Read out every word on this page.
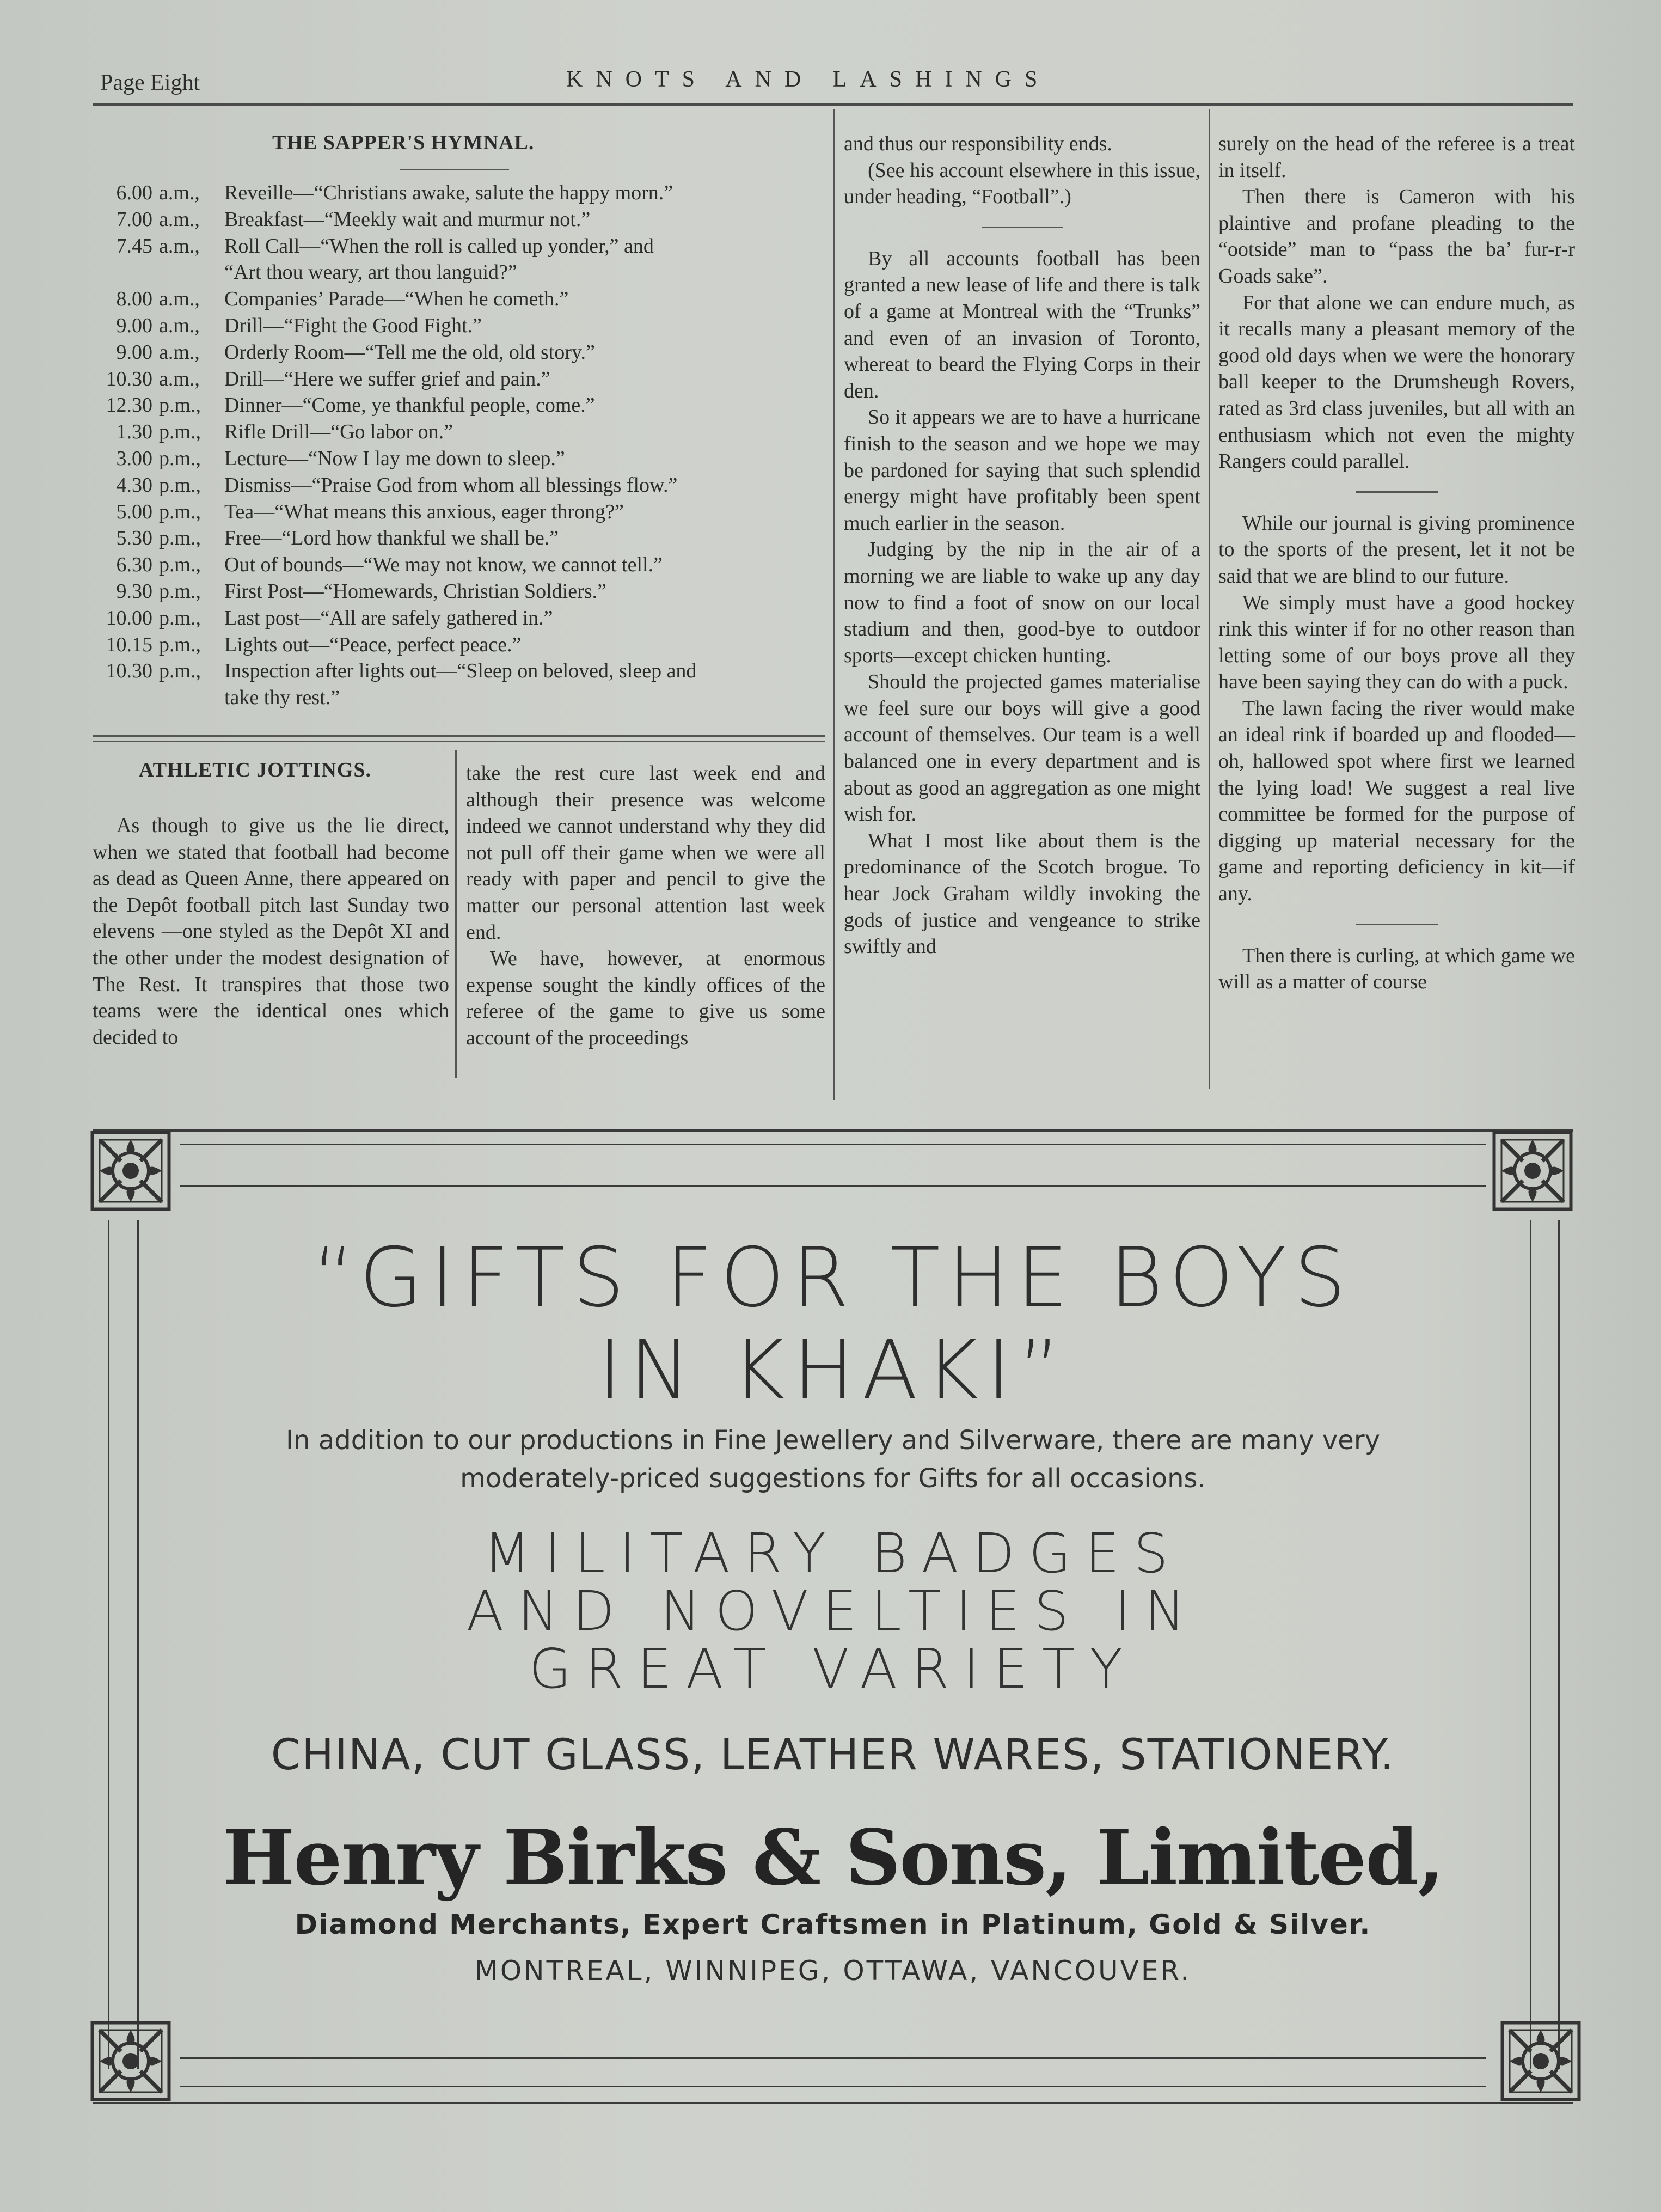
Page Eight	KNOTS AND LASHINGS
THE SAPPER'S HYMNAL.
6.00 a.m.,	Reveille—“Christians awake, salute the happy morn.”
7.00 a.m.,	Breakfast—“Meekly wait and murmur not.”
7.45 a.m.,	Roll Call—“When the roll is called up yonder,” and
“Art thou weary, art thou languid?”
8.00 a.m.,	Companies’ Parade—“When he cometh.”
9.00 a.m.,	Drill—“Fight the Good Fight.”
9.00 a.m.,	Orderly Room—“Tell me the old, old story.”
10.30 a.m.,	Drill—“Here we suffer grief and pain.”
12.30 p.m.,	Dinner—“Come, ye thankful people, come.”
1.30 p.m.,	Rifle Drill—“Go labor on.”
3.00 p.m.,	Lecture—“Now I lay me down to sleep.”
4.30 p.m.,	Dismiss—“Praise God from whom all blessings flow.”
5.00 p.m.,	Tea—“What means this anxious, eager throng?”
5.30 p.m.,	Free—“Lord how thankful we shall be.”
6.30 p.m.,	Out of bounds—“We may not know, we cannot tell.”
9.30 p.m.,	First Post—“Homewards, Christian Soldiers.”
10.00 p.m.,	Last post—“All are safely gathered in.”
10.15 p.m.,	Lights out—“Peace, perfect peace.”
10.30 p.m.,	Inspection after lights out—“Sleep on beloved, sleep and
take thy rest.”
ATHLETIC JOTTINGS.

As though to give us the lie direct, when we stated that football had become as dead as Queen Anne, there appeared on the Depôt football pitch last Sunday two elevens —one styled as the Depôt XI and the other under the modest designation of The Rest. It transpires that those two teams were the identical ones which decided to

take the rest cure last week end and although their presence was welcome indeed we cannot understand why they did not pull off their game when we were all ready with paper and pencil to give the matter our personal attention last week end.

We have, however, at enormous expense sought the kindly offices of the referee of the game to give us some account of the proceedings

and thus our responsibility ends.

(See his account elsewhere in this issue, under heading, “Football”.)

By all accounts football has been granted a new lease of life and there is talk of a game at Montreal with the “Trunks” and even of an invasion of Toronto, whereat to beard the Flying Corps in their den.

So it appears we are to have a hurricane finish to the season and we hope we may be pardoned for saying that such splendid energy might have profitably been spent much earlier in the season.

Judging by the nip in the air of a morning we are liable to wake up any day now to find a foot of snow on our local stadium and then, good-bye to outdoor sports—except chicken hunting.

Should the projected games materialise we feel sure our boys will give a good account of themselves. Our team is a well balanced one in every department and is about as good an aggregation as one might wish for.

What I most like about them is the predominance of the Scotch brogue. To hear Jock Graham wildly invoking the gods of justice and vengeance to strike swiftly and

surely on the head of the referee is a treat in itself.

Then there is Cameron with his plaintive and profane pleading to the “ootside” man to “pass the ba’ fur-r-r Goads sake”.

For that alone we can endure much, as it recalls many a pleasant memory of the good old days when we were the honorary ball keeper to the Drumsheugh Rovers, rated as 3rd class juveniles, but all with an enthusiasm which not even the mighty Rangers could parallel.

While our journal is giving prominence to the sports of the present, let it not be said that we are blind to our future.

We simply must have a good hockey rink this winter if for no other reason than letting some of our boys prove all they have been saying they can do with a puck.

The lawn facing the river would make an ideal rink if boarded up and flooded—oh, hallowed spot where first we learned the lying load! We suggest a real live committee be formed for the purpose of digging up material necessary for the game and reporting deficiency in kit—if any.

Then there is curling, at which game we will as a matter of course

“GIFTS FOR THE BOYS
IN KHAKI”
In addition to our productions in Fine Jewellery and Silverware, there are many very
moderately-priced suggestions for Gifts for all occasions.
MILITARY BADGES
AND NOVELTIES IN
GREAT VARIETY
CHINA, CUT GLASS, LEATHER WARES, STATIONERY.
Henry Birks & Sons, Limited,
Diamond Merchants, Expert Craftsmen in Platinum, Gold & Silver.
MONTREAL, WINNIPEG, OTTAWA, VANCOUVER.
